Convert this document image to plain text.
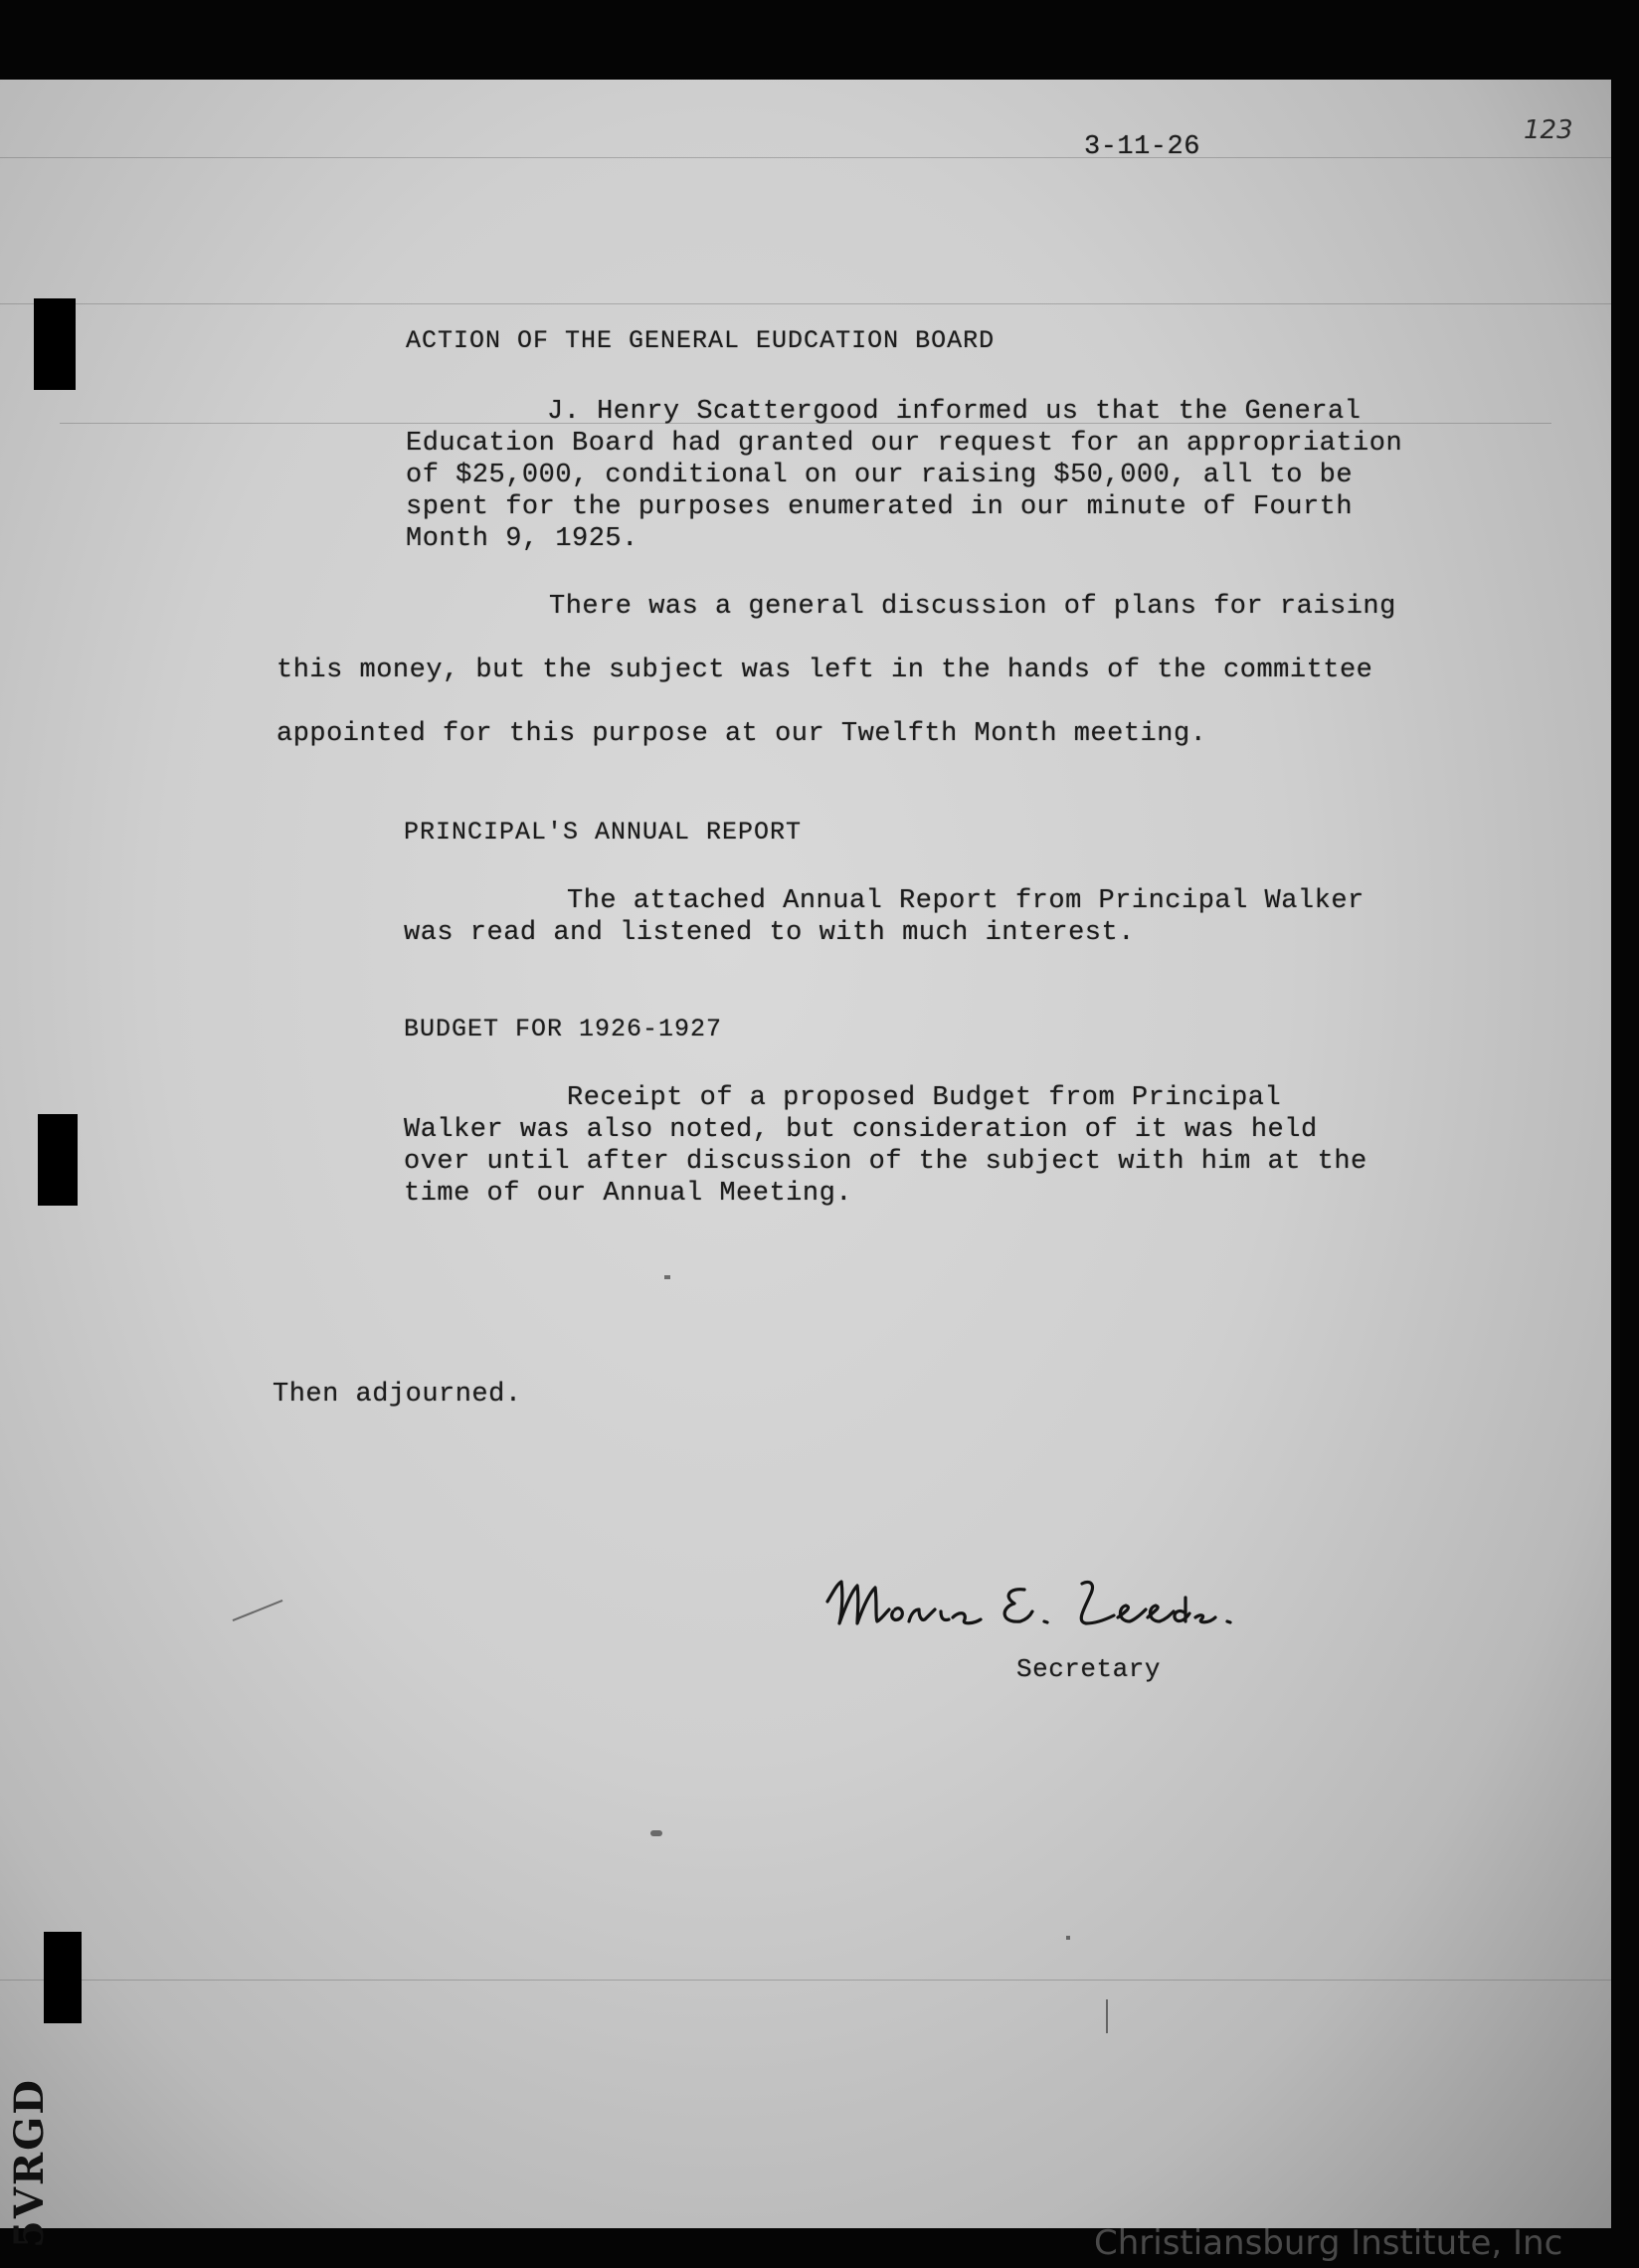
123
3-11-26
ACTION OF THE GENERAL EUDCATION BOARD
J. Henry Scattergood informed us that the General
Education Board had granted our request for an appropriation
of $25,000, conditional on our raising $50,000, all to be
spent for the purposes enumerated in our minute of Fourth
Month 9, 1925.
There was a general discussion of plans for raising
this money, but the subject was left in the hands of the committee
appointed for this purpose at our Twelfth Month meeting.
PRINCIPAL'S ANNUAL REPORT
The attached Annual Report from Principal Walker
was read and listened to with much interest.
BUDGET FOR 1926-1927
Receipt of a proposed Budget from Principal
Walker was also noted, but consideration of it was held
over until after discussion of the subject with him at the
time of our Annual Meeting.
Then adjourned.
Secretary
5VRGD	Christiansburg Institute, Inc
